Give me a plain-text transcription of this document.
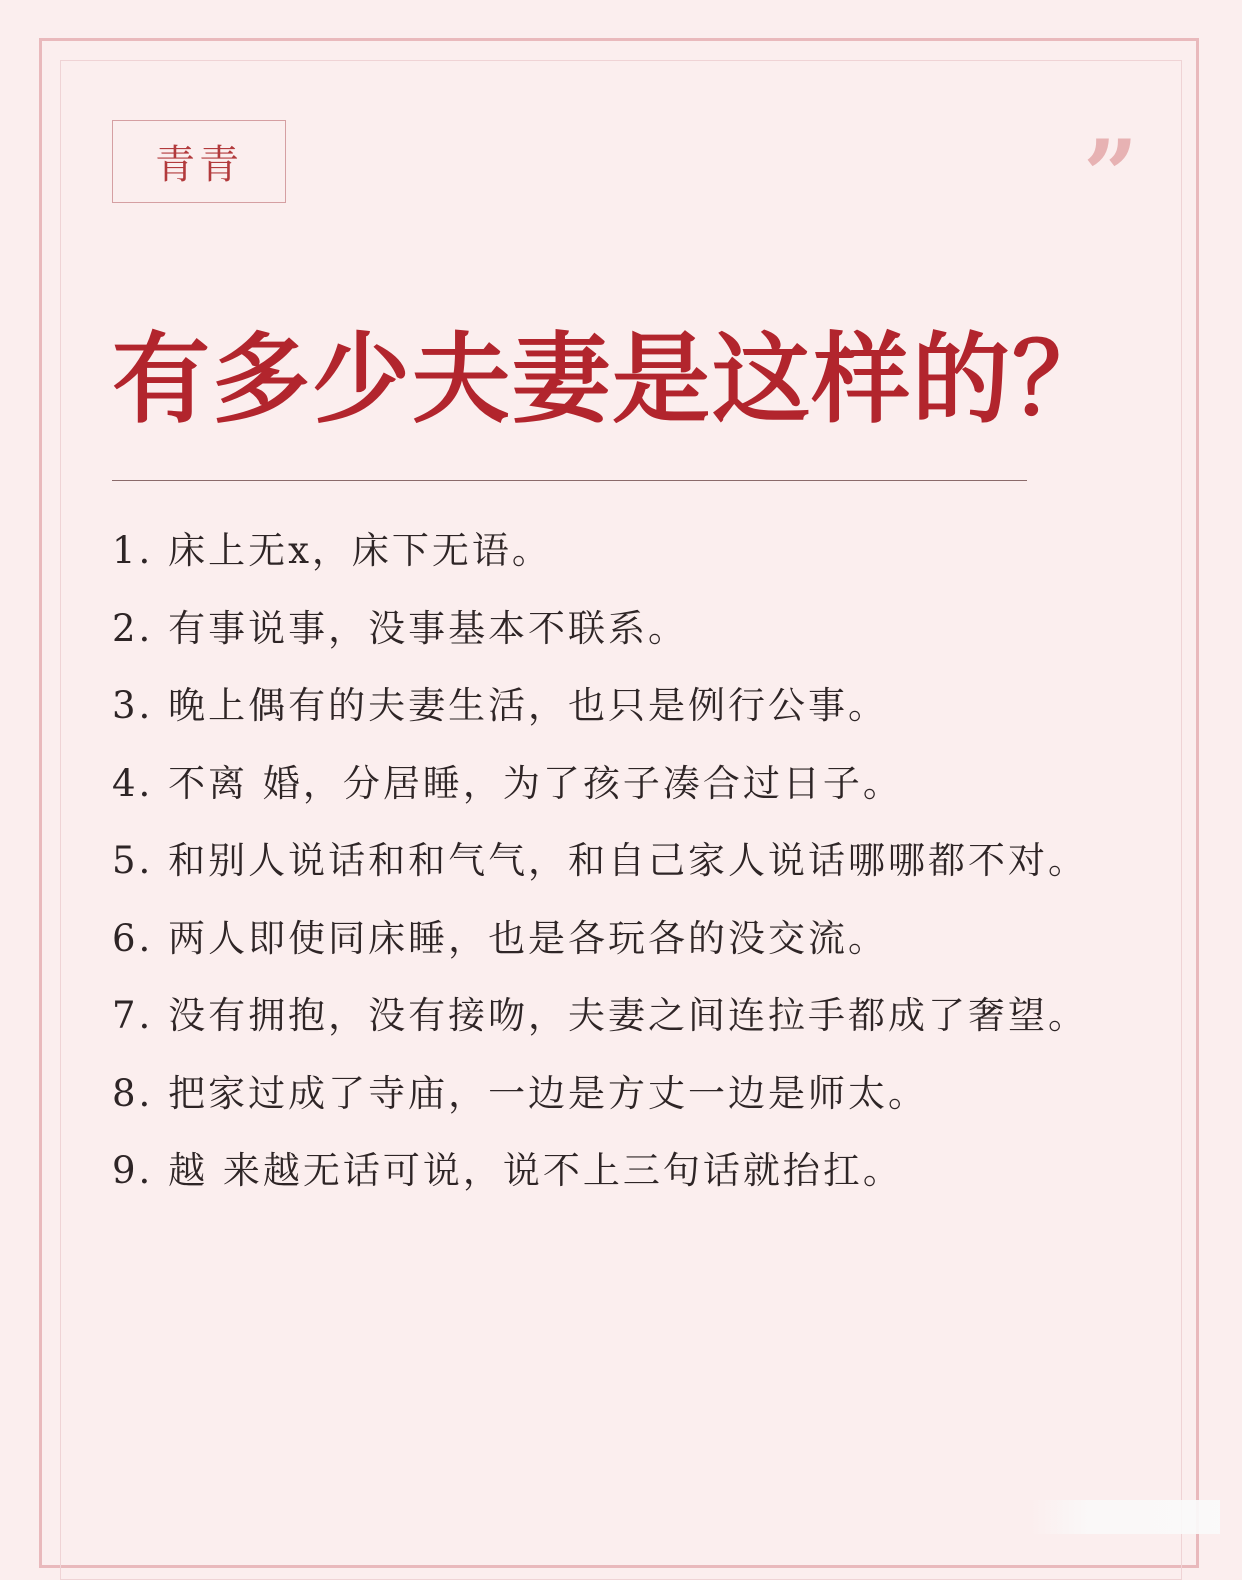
青青	”
有多少夫妻是这样的？
1. 床上无x，床下无语。
2. 有事说事，没事基本不联系。
3. 晚上偶有的夫妻生活，也只是例行公事。
4. 不离 婚，分居睡，为了孩子凑合过日子。
5. 和别人说话和和气气，和自己家人说话哪哪都不对。
6. 两人即使同床睡，也是各玩各的没交流。
7. 没有拥抱，没有接吻，夫妻之间连拉手都成了奢望。
8. 把家过成了寺庙，一边是方丈一边是师太。
9. 越 来越无话可说，说不上三句话就抬扛。
